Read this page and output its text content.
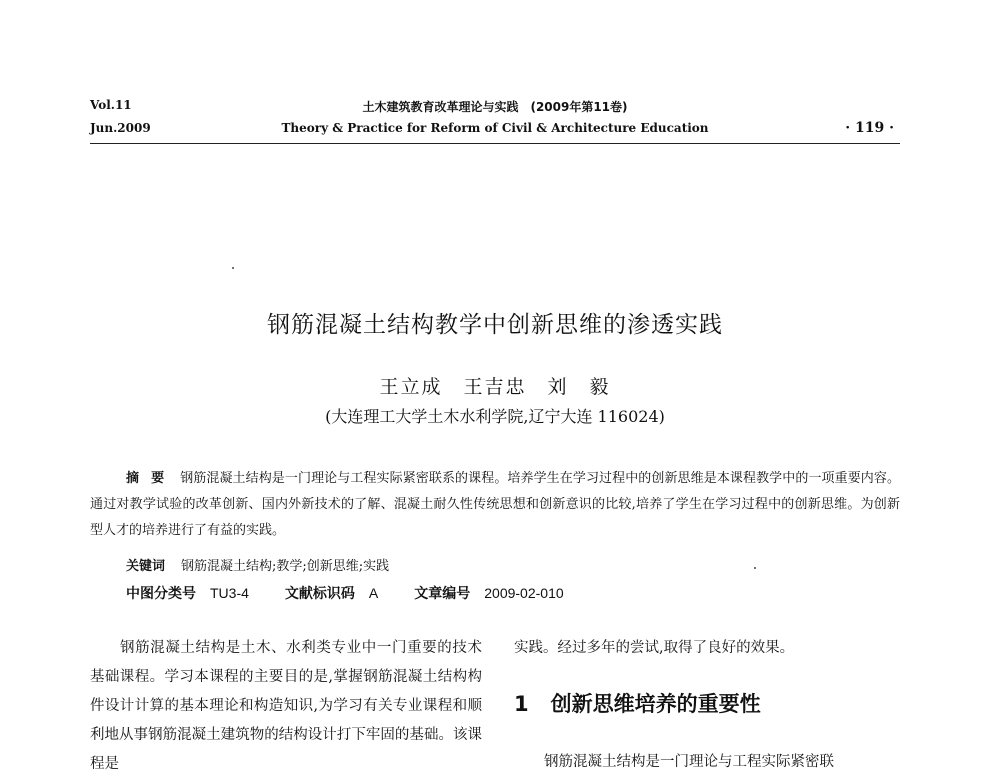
Vol.11	土木建筑教育改革理论与实践　(2009年第11卷)
Jun.2009	Theory & Practice for Reform of Civil & Architecture Education	· 119 ·
钢筋混凝土结构教学中创新思维的渗透实践
王立成　王吉忠　刘　毅
(大连理工大学土木水利学院,辽宁大连 116024)
摘要 钢筋混凝土结构是一门理论与工程实际紧密联系的课程。培养学生在学习过程中的创新思维是本课程教学中的一项重要内容。通过对教学试验的改革创新、国内外新技术的了解、混凝土耐久性传统思想和创新意识的比较,培养了学生在学习过程中的创新思维。为创新型人才的培养进行了有益的实践。
关键词 钢筋混凝土结构;教学;创新思维;实践
中图分类号 TU3-4	文献标识码 A	文章编号 2009-02-010
钢筋混凝土结构是土木、水利类专业中一门重要的技术基础课程。学习本课程的主要目的是,掌握钢筋混凝土结构构件设计计算的基本理论和构造知识,为学习有关专业课程和顺利地从事钢筋混凝土建筑物的结构设计打下牢固的基础。该课程是
实践。经过多年的尝试,取得了良好的效果。
1 创新思维培养的重要性
钢筋混凝土结构是一门理论与工程实际紧密联
